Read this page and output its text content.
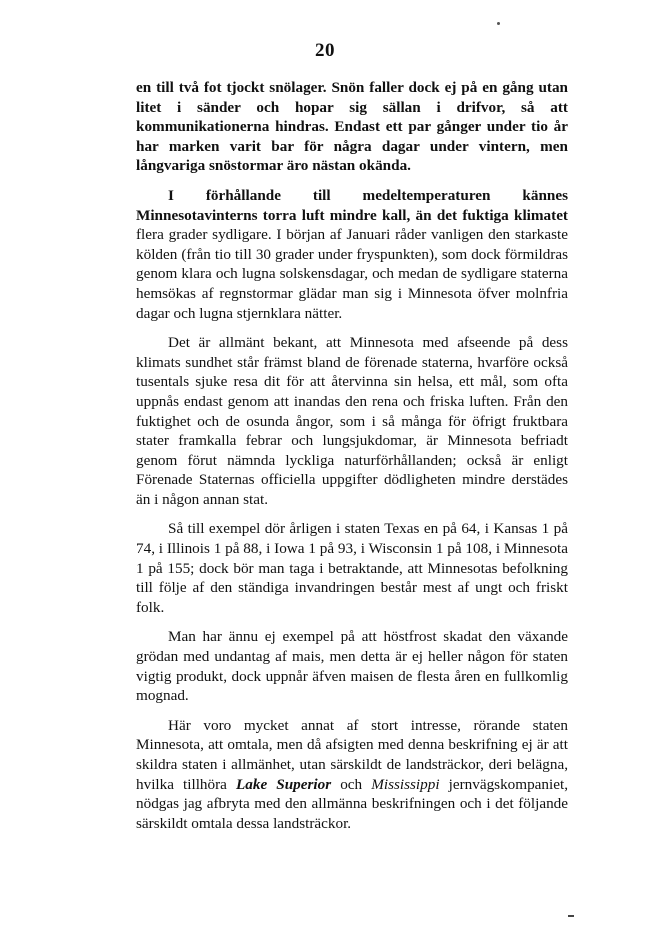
20

en till två fot tjockt snölager. Snön faller dock ej på en gång utan litet i sänder och hopar sig sällan i drifvor, så att kommunikationerna hindras. Endast ett par gånger under tio år har marken varit bar för några dagar under vintern, men långvariga snöstormar äro nästan okända.

I förhållande till medeltemperaturen kännes Minnesotavinterns torra luft mindre kall, än det fuktiga klimatet flera grader sydligare. I början af Januari råder vanligen den starkaste kölden (från tio till 30 grader under fryspunkten), som dock förmildras genom klara och lugna solskensdagar, och medan de sydligare staterna hemsökas af regnstormar glädar man sig i Minnesota öfver molnfria dagar och lugna stjernklara nätter.

Det är allmänt bekant, att Minnesota med afseende på dess klimats sundhet står främst bland de förenade staterna, hvarföre också tusentals sjuke resa dit för att återvinna sin helsa, ett mål, som ofta uppnås endast genom att inandas den rena och friska luften. Från den fuktighet och de osunda ångor, som i så många för öfrigt fruktbara stater framkalla febrar och lungsjukdomar, är Minnesota befriadt genom förut nämnda lyckliga naturförhållanden; också är enligt Förenade Staternas officiella uppgifter dödligheten mindre derstädes än i någon annan stat.

Så till exempel dör årligen i staten Texas en på 64, i Kansas 1 på 74, i Illinois 1 på 88, i Iowa 1 på 93, i Wisconsin 1 på 108, i Minnesota 1 på 155; dock bör man taga i betraktande, att Minnesotas befolkning till följe af den ständiga invandringen består mest af ungt och friskt folk.

Man har ännu ej exempel på att höstfrost skadat den växande grödan med undantag af mais, men detta är ej heller någon för staten vigtig produkt, dock uppnår äfven maisen de flesta åren en fullkomlig mognad.

Här voro mycket annat af stort intresse, rörande staten Minnesota, att omtala, men då afsigten med denna beskrifning ej är att skildra staten i allmänhet, utan särskildt de landsträckor, deri belägna, hvilka tillhöra Lake Superior och Mississippi jernvägskompaniet, nödgas jag afbryta med den allmänna beskrifningen och i det följande särskildt omtala dessa landsträckor.
